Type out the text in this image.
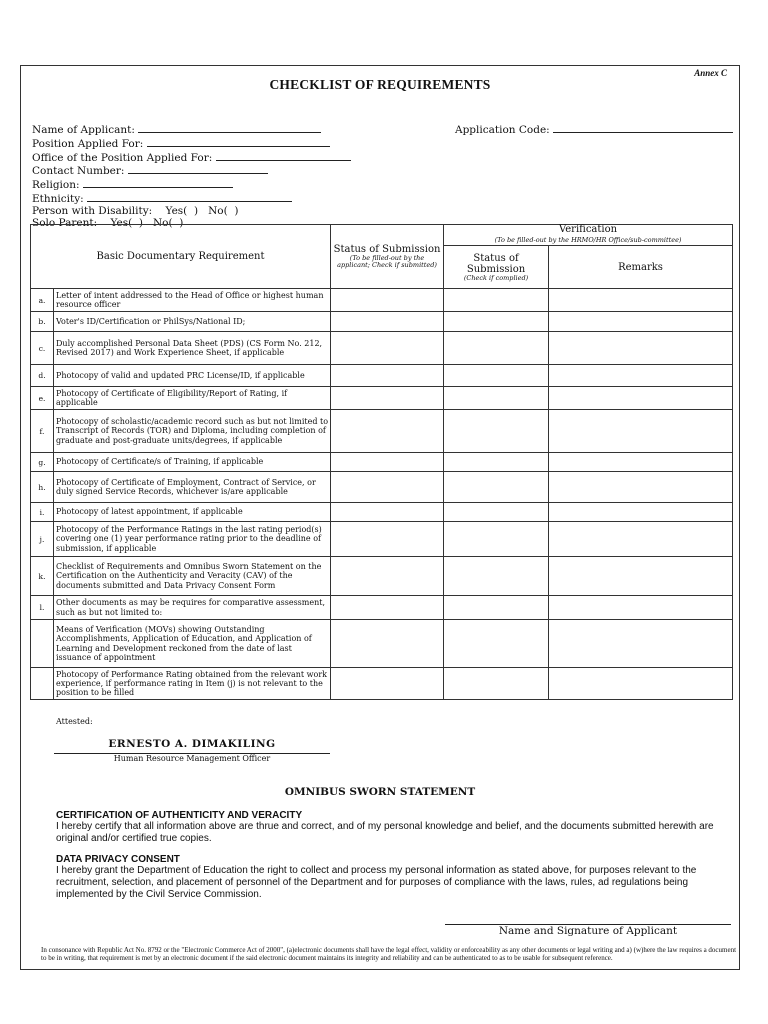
Annex C
CHECKLIST OF REQUIREMENTS
Name of Applicant:
Position Applied For:
Office of the Position Applied For:
Contact Number:
Religion:
Ethnicity:
Person with Disability:    Yes(  )   No(  )
Solo Parent:    Yes(  )   No(  )
Application Code:
Basic Documentary Requirement		Status of Submission
(To be filled-out by the applicant; Check if submitted)	Verification
(To be filled-out by the HRMO/HR Office/sub-committee)	

			Status of Submission
(Check if complied)	Remarks
a.	Letter of intent addressed to the Head of Office or highest human resource officer			
b.	Voter's ID/Certification or PhilSys/National ID;			
c.	Duly accomplished Personal Data Sheet (PDS) (CS Form No. 212, Revised 2017) and Work Experience Sheet, if applicable			
d.	Photocopy of valid and updated PRC License/ID, if applicable			
e.	Photocopy of Certificate of Eligibility/Report of Rating, if applicable			
f.	Photocopy of scholastic/academic record such as but not limited to Transcript of Records (TOR) and Diploma, including completion of graduate and post-graduate units/degrees, if applicable			
g.	Photocopy of Certificate/s of Training, if applicable			
h.	Photocopy of Certificate of Employment, Contract of Service, or duly signed Service Records, whichever is/are applicable			
i.	Photocopy of latest appointment, if applicable			
j.	Photocopy of the Performance Ratings in the last rating period(s) covering one (1) year performance rating prior to the deadline of submission, if applicable			
k.	Checklist of Requirements and Omnibus Sworn Statement on the Certification on the Authenticity and Veracity (CAV) of the documents submitted and Data Privacy Consent Form			
l.	Other documents as may be requires for comparative assessment, such as but not limited to:			
	Means of Verification (MOVs) showing Outstanding Accomplishments, Application of Education, and Application of Learning and Development reckoned from the date of last issuance of appointment			
	Photocopy of Performance Rating obtained from the relevant work experience, if performance rating in Item (j) is not relevant to the position to be filled			
Attested:
ERNESTO A. DIMAKILING
Human Resource Management Officer
OMNIBUS SWORN STATEMENT
CERTIFICATION OF AUTHENTICITY AND VERACITY

I hereby certify that all information above are thrue and correct, and of my personal knowledge and belief, and the documents submitted herewith are original and/or certified true copies.

DATA PRIVACY CONSENT

I hereby grant the Department of Education the right to collect and process my personal information as stated above, for purposes relevant to the recruitment, selection, and placement of personnel of the Department and for purposes of compliance with the laws, rules, ad regulations being implemented by the Civil Service Commission.

Name and Signature of Applicant
In consonance with Republic Act No. 8792 or the "Electronic Commerce Act of 2000", (a)electronic documents shall have the legal effect, validity or enforceability as any other documents or legal writing and a) (w)here the law requires a document to be in writing, that requirement is met by an electronic document if the said electronic document maintains its integrity and reliability and can be authenticated to as to be usable for subsequent reference.
